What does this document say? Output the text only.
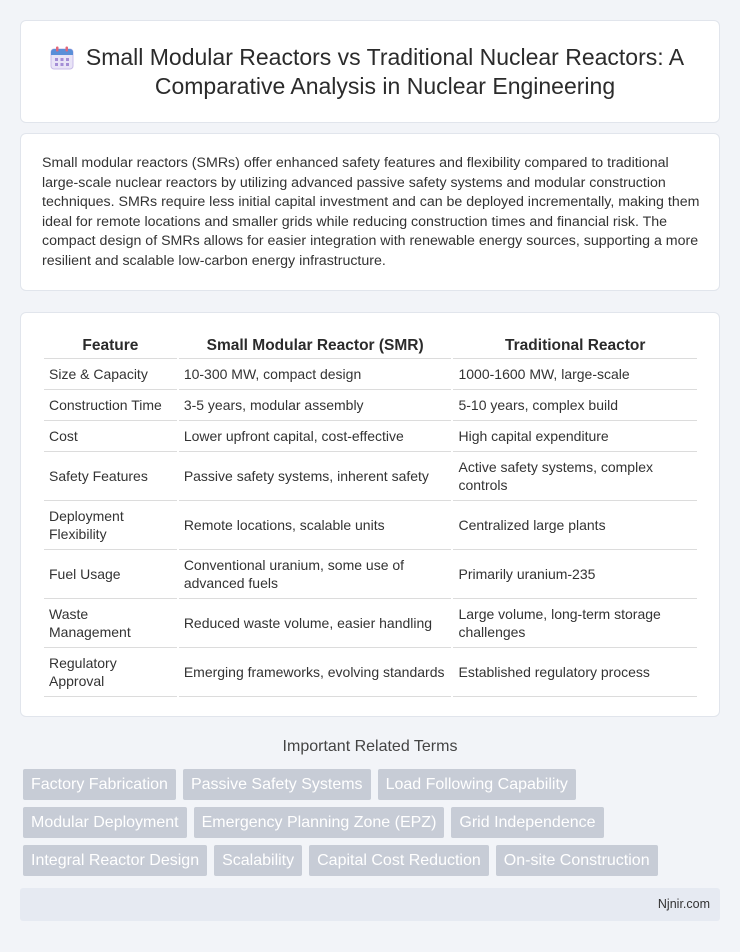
Small Modular Reactors vs Traditional Nuclear Reactors: A Comparative Analysis in Nuclear Engineering

Small modular reactors (SMRs) offer enhanced safety features and flexibility compared to traditional large-scale nuclear reactors by utilizing advanced passive safety systems and modular construction techniques. SMRs require less initial capital investment and can be deployed incrementally, making them ideal for remote locations and smaller grids while reducing construction times and financial risk. The compact design of SMRs allows for easier integration with renewable energy sources, supporting a more resilient and scalable low-carbon energy infrastructure.

Feature	Small Modular Reactor (SMR)	Traditional Reactor
Size & Capacity	10-300 MW, compact design	1000-1600 MW, large-scale
Construction Time	3-5 years, modular assembly	5-10 years, complex build
Cost	Lower upfront capital, cost-effective	High capital expenditure
Safety Features	Passive safety systems, inherent safety	Active safety systems, complex controls
Deployment Flexibility	Remote locations, scalable units	Centralized large plants
Fuel Usage	Conventional uranium, some use of advanced fuels	Primarily uranium-235
Waste Management	Reduced waste volume, easier handling	Large volume, long-term storage challenges
Regulatory Approval	Emerging frameworks, evolving standards	Established regulatory process
Important Related Terms
Factory Fabrication	Passive Safety Systems	Load Following Capability
Modular Deployment	Emergency Planning Zone (EPZ)	Grid Independence
Integral Reactor Design	Scalability	Capital Cost Reduction	On-site Construction
Njnir.com
